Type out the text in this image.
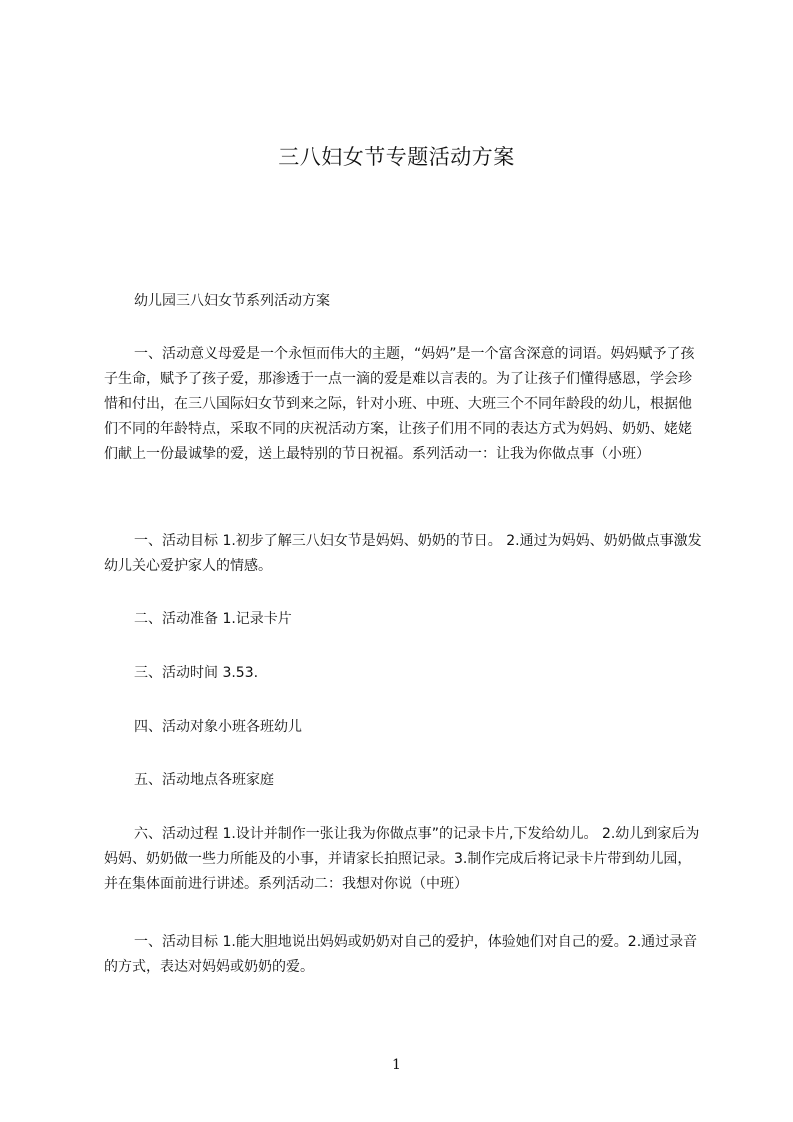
三八妇女节专题活动方案

幼儿园三八妇女节系列活动方案

一、活动意义母爱是一个永恒而伟大的主题，“妈妈”是一个富含深意的词语。妈妈赋予了孩子生命，赋予了孩子爱，那渗透于一点一滴的爱是难以言表的。为了让孩子们懂得感恩，学会珍惜和付出，在三八国际妇女节到来之际，针对小班、中班、大班三个不同年龄段的幼儿，根据他们不同的年龄特点，采取不同的庆祝活动方案，让孩子们用不同的表达方式为妈妈、奶奶、姥姥们献上一份最诚挚的爱，送上最特别的节日祝福。系列活动一：让我为你做点事（小班）

一、活动目标 1.初步了解三八妇女节是妈妈、奶奶的节日。 2.通过为妈妈、奶奶做点事激发幼儿关心爱护家人的情感。

二、活动准备 1.记录卡片

三、活动时间 3.53.

四、活动对象小班各班幼儿

五、活动地点各班家庭

六、活动过程 1.设计并制作一张让我为你做点事”的记录卡片,下发给幼儿。 2.幼儿到家后为妈妈、奶奶做一些力所能及的小事，并请家长拍照记录。3.制作完成后将记录卡片带到幼儿园，并在集体面前进行讲述。系列活动二：我想对你说（中班）

一、活动目标 1.能大胆地说出妈妈或奶奶对自己的爱护，体验她们对自己的爱。2.通过录音的方式，表达对妈妈或奶奶的爱。

1
